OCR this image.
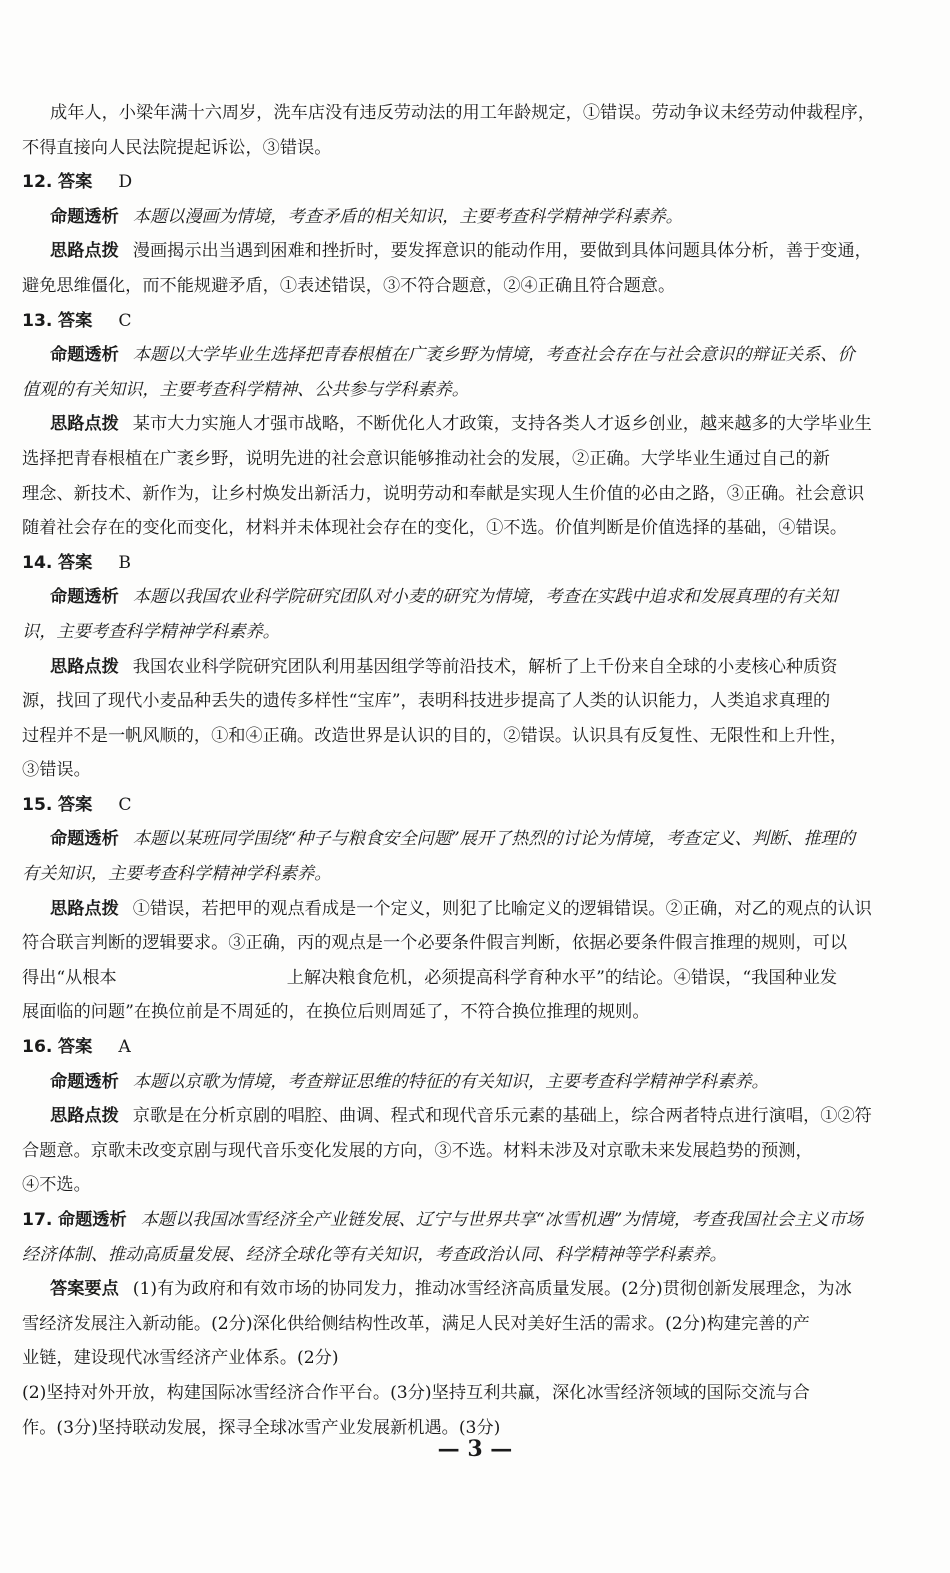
成年人，小梁年满十六周岁，洗车店没有违反劳动法的用工年龄规定，①错误。劳动争议未经劳动仲裁程序，
不得直接向人民法院提起诉讼，③错误。
12. 答案 D
命题透析 本题以漫画为情境，考查矛盾的相关知识，主要考查科学精神学科素养。
思路点拨 漫画揭示出当遇到困难和挫折时，要发挥意识的能动作用，要做到具体问题具体分析，善于变通，
避免思维僵化，而不能规避矛盾，①表述错误，③不符合题意，②④正确且符合题意。
13. 答案 C
命题透析 本题以大学毕业生选择把青春根植在广袤乡野为情境，考查社会存在与社会意识的辩证关系、价
值观的有关知识，主要考查科学精神、公共参与学科素养。
思路点拨 某市大力实施人才强市战略，不断优化人才政策，支持各类人才返乡创业，越来越多的大学毕业生
选择把青春根植在广袤乡野，说明先进的社会意识能够推动社会的发展，②正确。大学毕业生通过自己的新
理念、新技术、新作为，让乡村焕发出新活力，说明劳动和奉献是实现人生价值的必由之路，③正确。社会意识
随着社会存在的变化而变化，材料并未体现社会存在的变化，①不选。价值判断是价值选择的基础，④错误。
14. 答案 B
命题透析 本题以我国农业科学院研究团队对小麦的研究为情境，考查在实践中追求和发展真理的有关知
识，主要考查科学精神学科素养。
思路点拨 我国农业科学院研究团队利用基因组学等前沿技术，解析了上千份来自全球的小麦核心种质资
源，找回了现代小麦品种丢失的遗传多样性“宝库”，表明科技进步提高了人类的认识能力，人类追求真理的
过程并不是一帆风顺的，①和④正确。改造世界是认识的目的，②错误。认识具有反复性、无限性和上升性，
③错误。
15. 答案 C
命题透析 本题以某班同学围绕“种子与粮食安全问题”展开了热烈的讨论为情境，考查定义、判断、推理的
有关知识，主要考查科学精神学科素养。
思路点拨 ①错误，若把甲的观点看成是一个定义，则犯了比喻定义的逻辑错误。②正确，对乙的观点的认识
符合联言判断的逻辑要求。③正确，丙的观点是一个必要条件假言判断，依据必要条件假言推理的规则，可以
得出“从根本	上解决粮食危机，必须提高科学育种水平”的结论。④错误，“我国种业发
展面临的问题”在换位前是不周延的，在换位后则周延了，不符合换位推理的规则。
16. 答案 A
命题透析 本题以京歌为情境，考查辩证思维的特征的有关知识，主要考查科学精神学科素养。
思路点拨 京歌是在分析京剧的唱腔、曲调、程式和现代音乐元素的基础上，综合两者特点进行演唱，①②符
合题意。京歌未改变京剧与现代音乐变化发展的方向，③不选。材料未涉及对京歌未来发展趋势的预测，
④不选。
17. 命题透析 本题以我国冰雪经济全产业链发展、辽宁与世界共享“冰雪机遇”为情境，考查我国社会主义市场
经济体制、推动高质量发展、经济全球化等有关知识，考查政治认同、科学精神等学科素养。
答案要点 (1)有为政府和有效市场的协同发力，推动冰雪经济高质量发展。(2分)贯彻创新发展理念，为冰
雪经济发展注入新动能。(2分)深化供给侧结构性改革，满足人民对美好生活的需求。(2分)构建完善的产
业链，建设现代冰雪经济产业体系。(2分)
(2)坚持对外开放，构建国际冰雪经济合作平台。(3分)坚持互利共赢，深化冰雪经济领域的国际交流与合
作。(3分)坚持联动发展，探寻全球冰雪产业发展新机遇。(3分)
— 3 —
